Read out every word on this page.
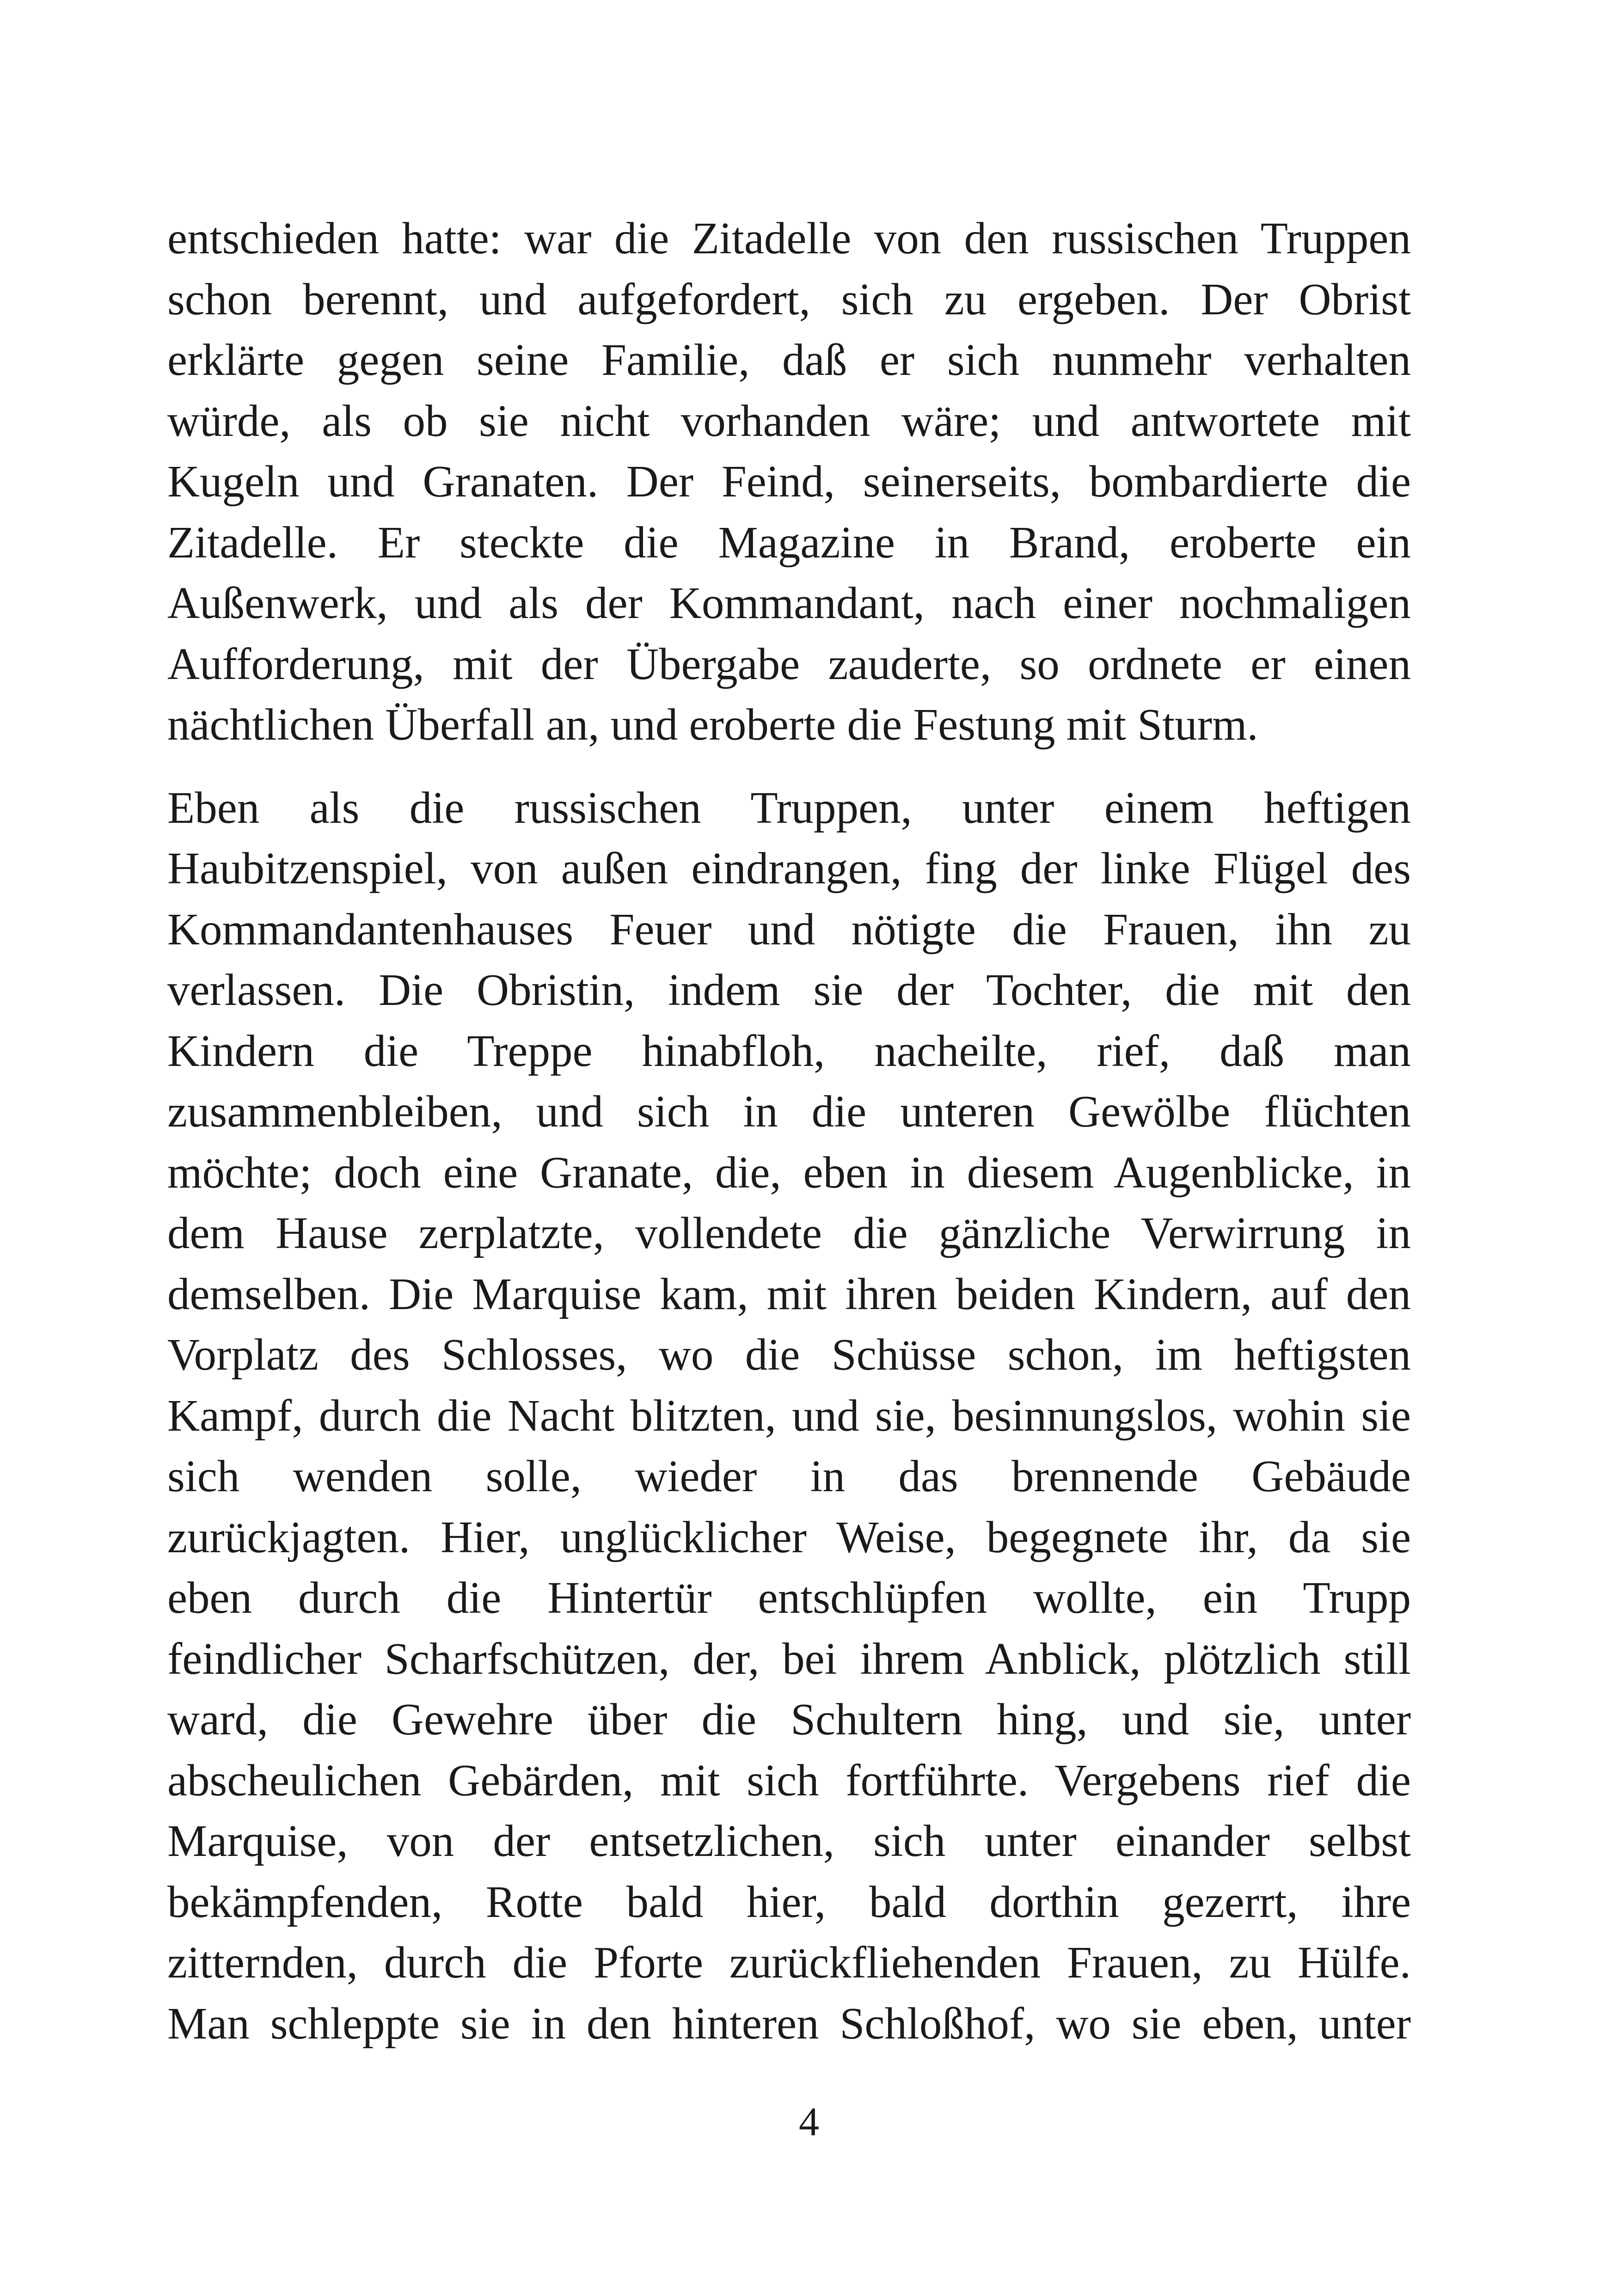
entschieden hatte: war die Zitadelle von den russischen Truppen
schon berennt, und aufgefordert, sich zu ergeben. Der Obrist
erklärte gegen seine Familie, daß er sich nunmehr verhalten
würde, als ob sie nicht vorhanden wäre; und antwortete mit
Kugeln und Granaten. Der Feind, seinerseits, bombardierte die
Zitadelle. Er steckte die Magazine in Brand, eroberte ein
Außenwerk, und als der Kommandant, nach einer nochmaligen
Aufforderung, mit der Übergabe zauderte, so ordnete er einen
nächtlichen Überfall an, und eroberte die Festung mit Sturm.
Eben als die russischen Truppen, unter einem heftigen
Haubitzenspiel, von außen eindrangen, fing der linke Flügel des
Kommandantenhauses Feuer und nötigte die Frauen, ihn zu
verlassen. Die Obristin, indem sie der Tochter, die mit den
Kindern die Treppe hinabfloh, nacheilte, rief, daß man
zusammenbleiben, und sich in die unteren Gewölbe flüchten
möchte; doch eine Granate, die, eben in diesem Augenblicke, in
dem Hause zerplatzte, vollendete die gänzliche Verwirrung in
demselben. Die Marquise kam, mit ihren beiden Kindern, auf den
Vorplatz des Schlosses, wo die Schüsse schon, im heftigsten
Kampf, durch die Nacht blitzten, und sie, besinnungslos, wohin sie
sich wenden solle, wieder in das brennende Gebäude
zurückjagten. Hier, unglücklicher Weise, begegnete ihr, da sie
eben durch die Hintertür entschlüpfen wollte, ein Trupp
feindlicher Scharfschützen, der, bei ihrem Anblick, plötzlich still
ward, die Gewehre über die Schultern hing, und sie, unter
abscheulichen Gebärden, mit sich fortführte. Vergebens rief die
Marquise, von der entsetzlichen, sich unter einander selbst
bekämpfenden, Rotte bald hier, bald dorthin gezerrt, ihre
zitternden, durch die Pforte zurückfliehenden Frauen, zu Hülfe.
Man schleppte sie in den hinteren Schloßhof, wo sie eben, unter
4
